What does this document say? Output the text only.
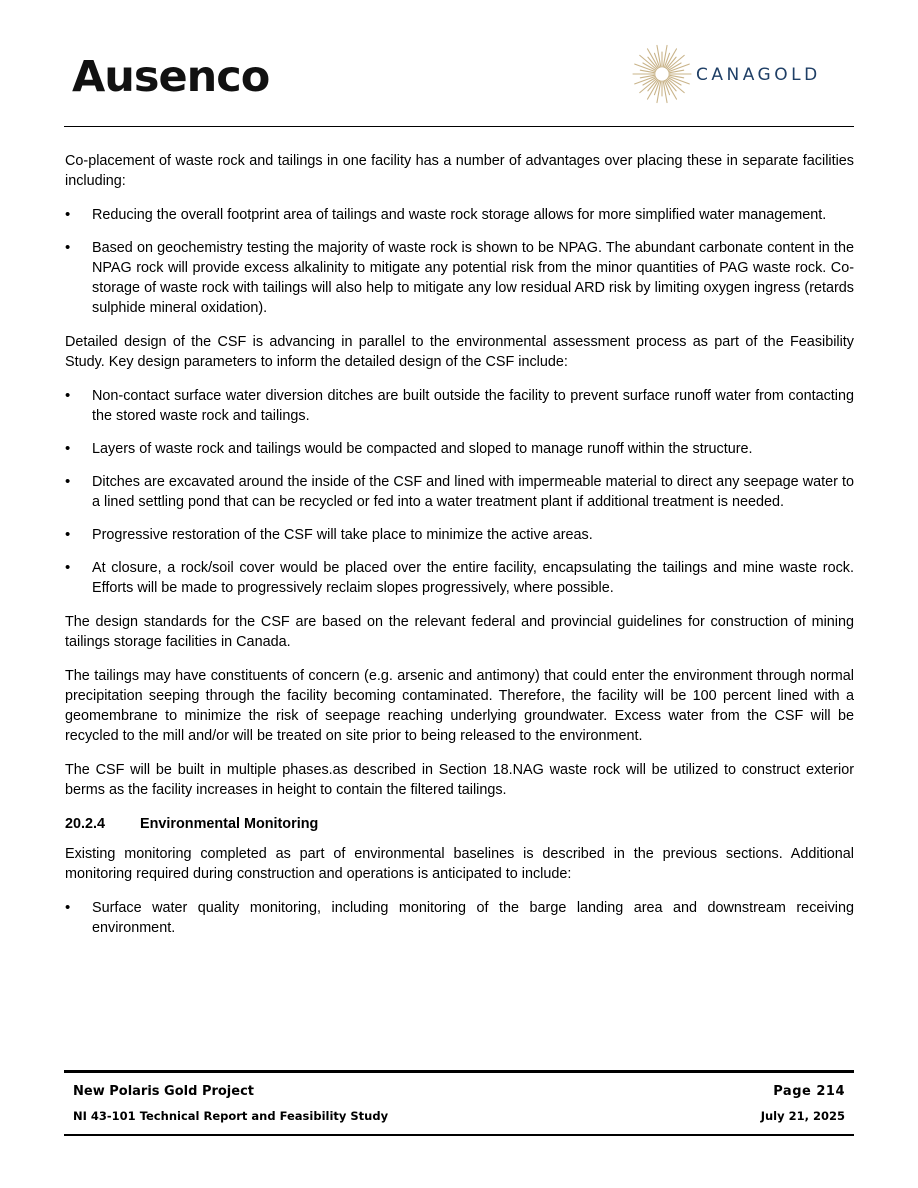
Ausenco	CANAGOLD

Co-placement of waste rock and tailings in one facility has a number of advantages over placing these in separate facilities including:

• Reducing the overall footprint area of tailings and waste rock storage allows for more simplified water management.
• Based on geochemistry testing the majority of waste rock is shown to be NPAG. The abundant carbonate content in the NPAG rock will provide excess alkalinity to mitigate any potential risk from the minor quantities of PAG waste rock. Co-storage of waste rock with tailings will also help to mitigate any low residual ARD risk by limiting oxygen ingress (retards sulphide mineral oxidation).

Detailed design of the CSF is advancing in parallel to the environmental assessment process as part of the Feasibility Study. Key design parameters to inform the detailed design of the CSF include:

• Non-contact surface water diversion ditches are built outside the facility to prevent surface runoff water from contacting the stored waste rock and tailings.
• Layers of waste rock and tailings would be compacted and sloped to manage runoff within the structure.
• Ditches are excavated around the inside of the CSF and lined with impermeable material to direct any seepage water to a lined settling pond that can be recycled or fed into a water treatment plant if additional treatment is needed.
• Progressive restoration of the CSF will take place to minimize the active areas.
• At closure, a rock/soil cover would be placed over the entire facility, encapsulating the tailings and mine waste rock. Efforts will be made to progressively reclaim slopes progressively, where possible.

The design standards for the CSF are based on the relevant federal and provincial guidelines for construction of mining tailings storage facilities in Canada.

The tailings may have constituents of concern (e.g. arsenic and antimony) that could enter the environment through normal precipitation seeping through the facility becoming contaminated. Therefore, the facility will be 100 percent lined with a geomembrane to minimize the risk of seepage reaching underlying groundwater. Excess water from the CSF will be recycled to the mill and/or will be treated on site prior to being released to the environment.

The CSF will be built in multiple phases.as described in Section 18.NAG waste rock will be utilized to construct exterior berms as the facility increases in height to contain the filtered tailings.

20.2.4 Environmental Monitoring

Existing monitoring completed as part of environmental baselines is described in the previous sections. Additional monitoring required during construction and operations is anticipated to include:

• Surface water quality monitoring, including monitoring of the barge landing area and downstream receiving environment.
New Polaris Gold Project
NI 43-101 Technical Report and Feasibility Study
Page 214
July 21, 2025
